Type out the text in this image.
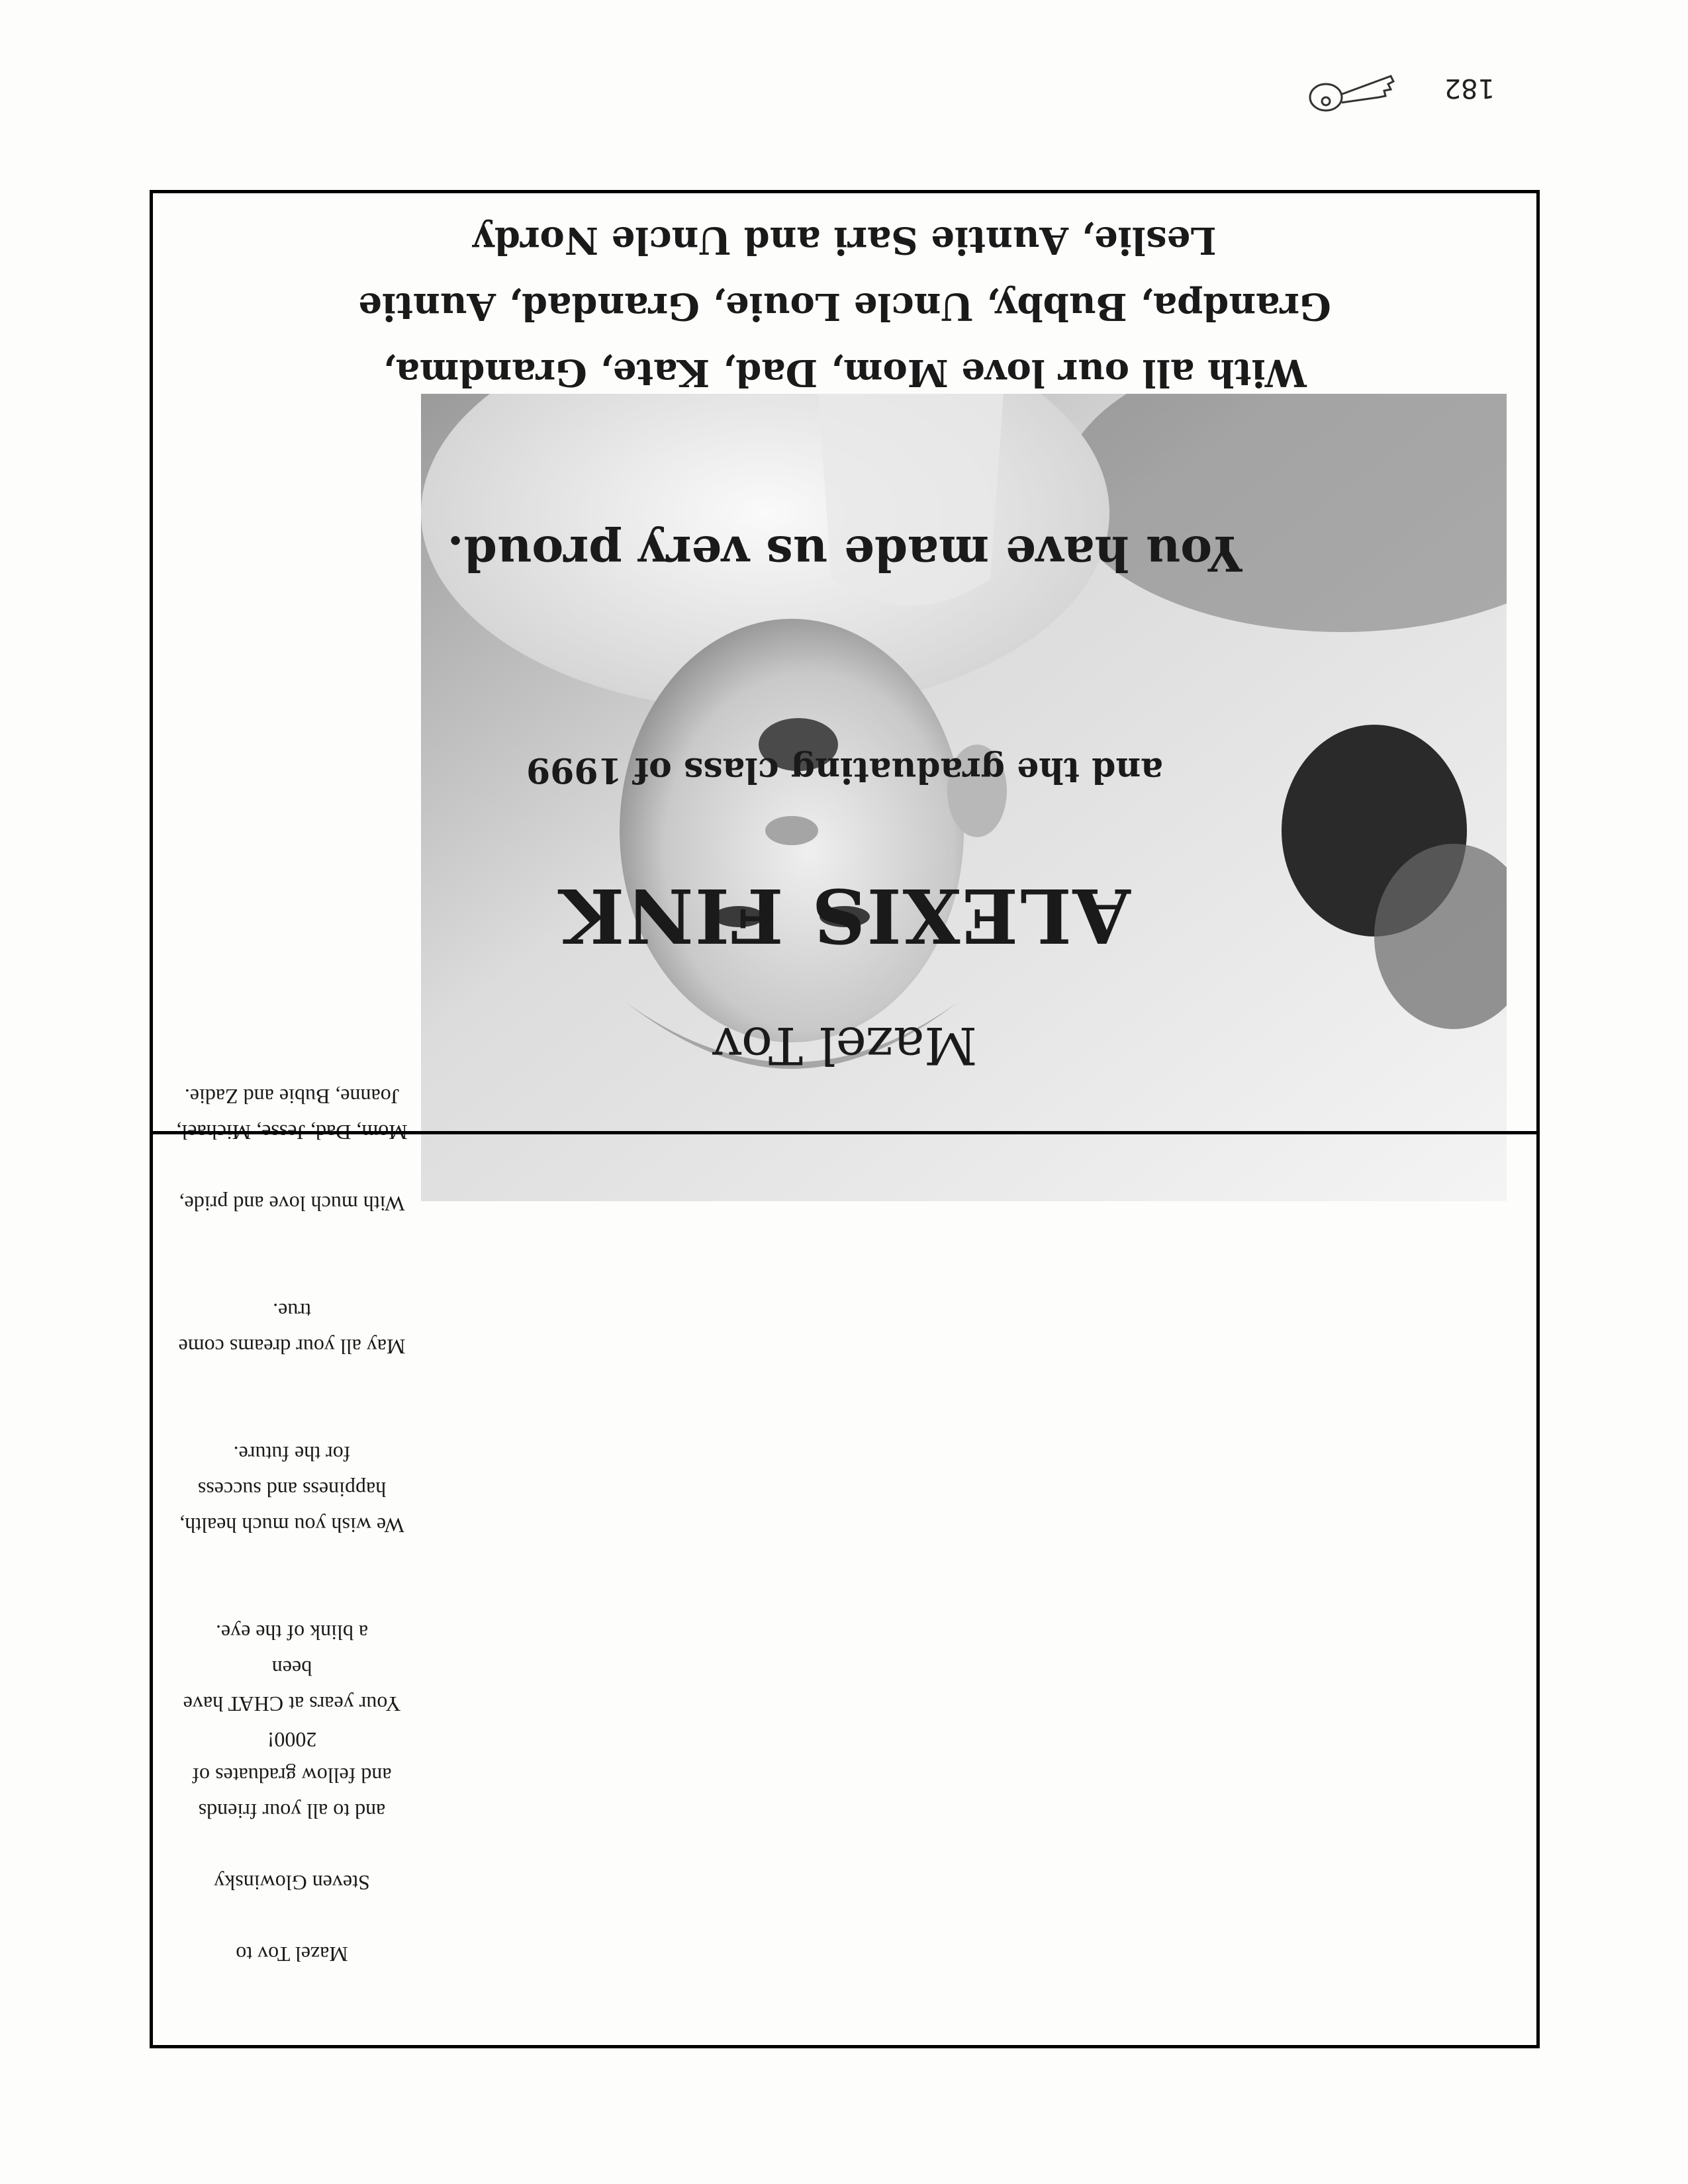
182

Mazel Tov to

Steven Glowinsky

and to all your friends

and fellow graduates of 2000!

Your years at CHAT have been

a blink of the eye.

We wish you much health,

happiness and success

for the future.

May all your dreams come true.

With much love and pride,

Mom, Dad, Jesse, Michael,

Joanne, Bubie and Zadie.

Mazel Tov
ALEXIS FINK

and the graduating class of 1999

You have made us very proud.

With all our love Mom, Dad, Kate, Grandma,
Grandpa, Bubby, Uncle Louie, Grandad, Auntie
Leslie, Auntie Sari and Uncle Nordy
